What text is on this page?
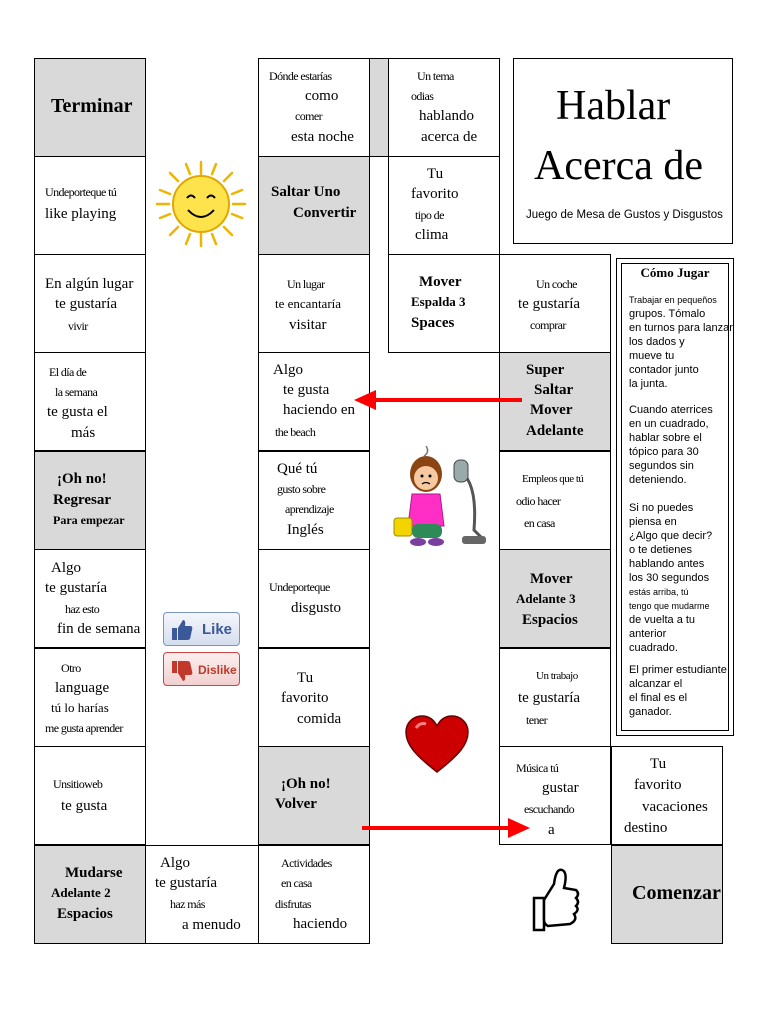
Hablar
Acerca de
Juego de Mesa de Gustos y Disgustos
Cómo Jugar
Trabajar en pequeños
grupos. Tómalo
en turnos para lanzar
los dados y
mueve tu
contador junto
la junta.
Cuando aterrices
en un cuadrado,
hablar sobre el
tópico para 30
segundos sin
deteniendo.
Si no puedes
piensa en
¿Algo que decir?
o te detienes
hablando antes
los 30 segundos
estás arriba, tú
tengo que mudarme
de vuelta a tu
anterior
cuadrado.
El primer estudiante
alcanzar el
el final es el
ganador.
Terminar
Undeporteque tú
like playing
En algún lugar
te gustaría
vivir
El día de
la semana
te gusta el
más
¡Oh no!
Regresar
Para empezar
Algo
te gustaría
haz esto
fin de semana
Otro
language
tú lo harías
me gusta aprender
Unsitioweb
te gusta
Mudarse
Adelante 2
Espacios
Algo
te gustaría
haz más
a menudo
Dónde estarías
como
comer
esta noche
Saltar Uno
Convertir
Un lugar
te encantaría
visitar
Algo
te gusta
haciendo en
the beach
Qué tú
gusto sobre
aprendizaje
Inglés
Undeporteque
disgusto
Tu
favorito
comida
¡Oh no!
Volver
Actividades
en casa
disfrutas
haciendo
Un tema
odias
hablando
acerca de
Tu
favorito
tipo de
clima
Mover
Espalda 3
Spaces
Un coche
te gustaría
comprar
Super
Saltar
Mover
Adelante
Empleos que tú
odio hacer
en casa
Mover
Adelante 3
Espacios
Un trabajo
te gustaría
tener
Música tú
gustar
escuchando
a
Tu
favorito
vacaciones
destino
Comenzar
Like
Dislike
